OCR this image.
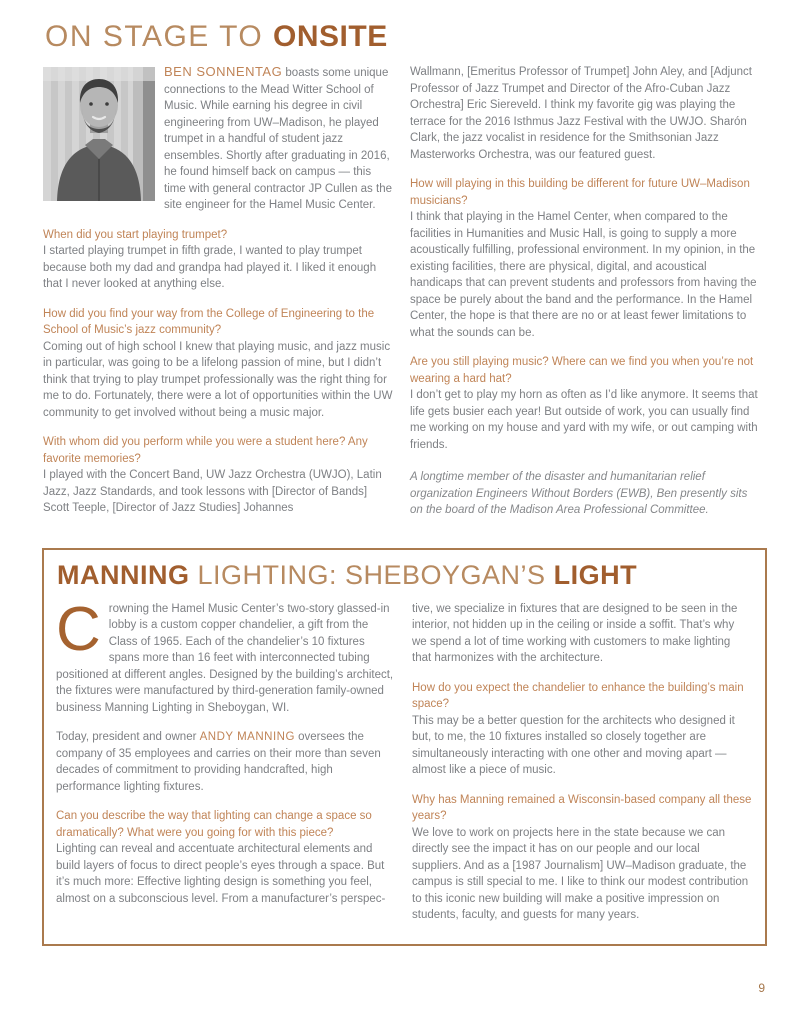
ON STAGE TO ONSITE

BEN SONNENTAG boasts some unique connections to the Mead Witter School of Music. While earning his degree in civil engineering from UW–Madison, he played trumpet in a handful of student jazz ensembles. Shortly after graduating in 2016, he found himself back on campus — this time with general contractor JP Cullen as the site engineer for the Hamel Music Center.

When did you start playing trumpet?

I started playing trumpet in fifth grade, I wanted to play trumpet because both my dad and grandpa had played it. I liked it enough that I never looked at anything else.

How did you find your way from the College of Engineering to the School of Music’s jazz community?

Coming out of high school I knew that playing music, and jazz music in particular, was going to be a lifelong passion of mine, but I didn’t think that trying to play trumpet professionally was the right thing for me to do. Fortunately, there were a lot of opportunities within the UW community to get involved without being a music major.

With whom did you perform while you were a student here? Any favorite memories?

I played with the Concert Band, UW Jazz Orchestra (UWJO), Latin Jazz, Jazz Standards, and took lessons with [Director of Bands] Scott Teeple, [Director of Jazz Studies] Johannes

Wallmann, [Emeritus Professor of Trumpet] John Aley, and [Adjunct Professor of Jazz Trumpet and Director of the Afro-Cuban Jazz Orchestra] Eric Siereveld. I think my favorite gig was playing the terrace for the 2016 Isthmus Jazz Festival with the UWJO. Sharón Clark, the jazz vocalist in residence for the Smithsonian Jazz Masterworks Orchestra, was our featured guest.

How will playing in this building be different for future UW–Madison musicians?

I think that playing in the Hamel Center, when compared to the facilities in Humanities and Music Hall, is going to supply a more acoustically fulfilling, professional environment. In my opinion, in the existing facilities, there are physical, digital, and acoustical handicaps that can prevent students and professors from having the space be purely about the band and the performance. In the Hamel Center, the hope is that there are no or at least fewer limitations to what the sounds can be.

Are you still playing music? Where can we find you when you’re not wearing a hard hat?

I don’t get to play my horn as often as I’d like anymore. It seems that life gets busier each year! But outside of work, you can usually find me working on my house and yard with my wife, or out camping with friends.

A longtime member of the disaster and humanitarian relief organization Engineers Without Borders (EWB), Ben presently sits on the board of the Madison Area Professional Committee.

MANNING LIGHTING: SHEBOYGAN’S LIGHT

Crowning the Hamel Music Center’s two-story glassed-in lobby is a custom copper chandelier, a gift from the Class of 1965. Each of the chandelier’s 10 fixtures spans more than 16 feet with interconnected tubing positioned at different angles. Designed by the building’s architect, the fixtures were manufactured by third-generation family-owned business Manning Lighting in Sheboygan, WI.

Today, president and owner ANDY MANNING oversees the company of 35 employees and carries on their more than seven decades of commitment to providing handcrafted, high performance lighting fixtures.

Can you describe the way that lighting can change a space so dramatically? What were you going for with this piece?

Lighting can reveal and accentuate architectural elements and build layers of focus to direct people’s eyes through a space. But it’s much more: Effective lighting design is something you feel, almost on a subconscious level. From a manufacturer’s perspec-

tive, we specialize in fixtures that are designed to be seen in the interior, not hidden up in the ceiling or inside a soffit. That’s why we spend a lot of time working with customers to make lighting that harmonizes with the architecture.

How do you expect the chandelier to enhance the building’s main space?

This may be a better question for the architects who designed it but, to me, the 10 fixtures installed so closely together are simultaneously interacting with one other and moving apart — almost like a piece of music.

Why has Manning remained a Wisconsin-based company all these years?

We love to work on projects here in the state because we can directly see the impact it has on our people and our local suppliers. And as a [1987 Journalism] UW–Madison graduate, the campus is still special to me. I like to think our modest contribution to this iconic new building will make a positive impression on students, faculty, and guests for many years.

9
